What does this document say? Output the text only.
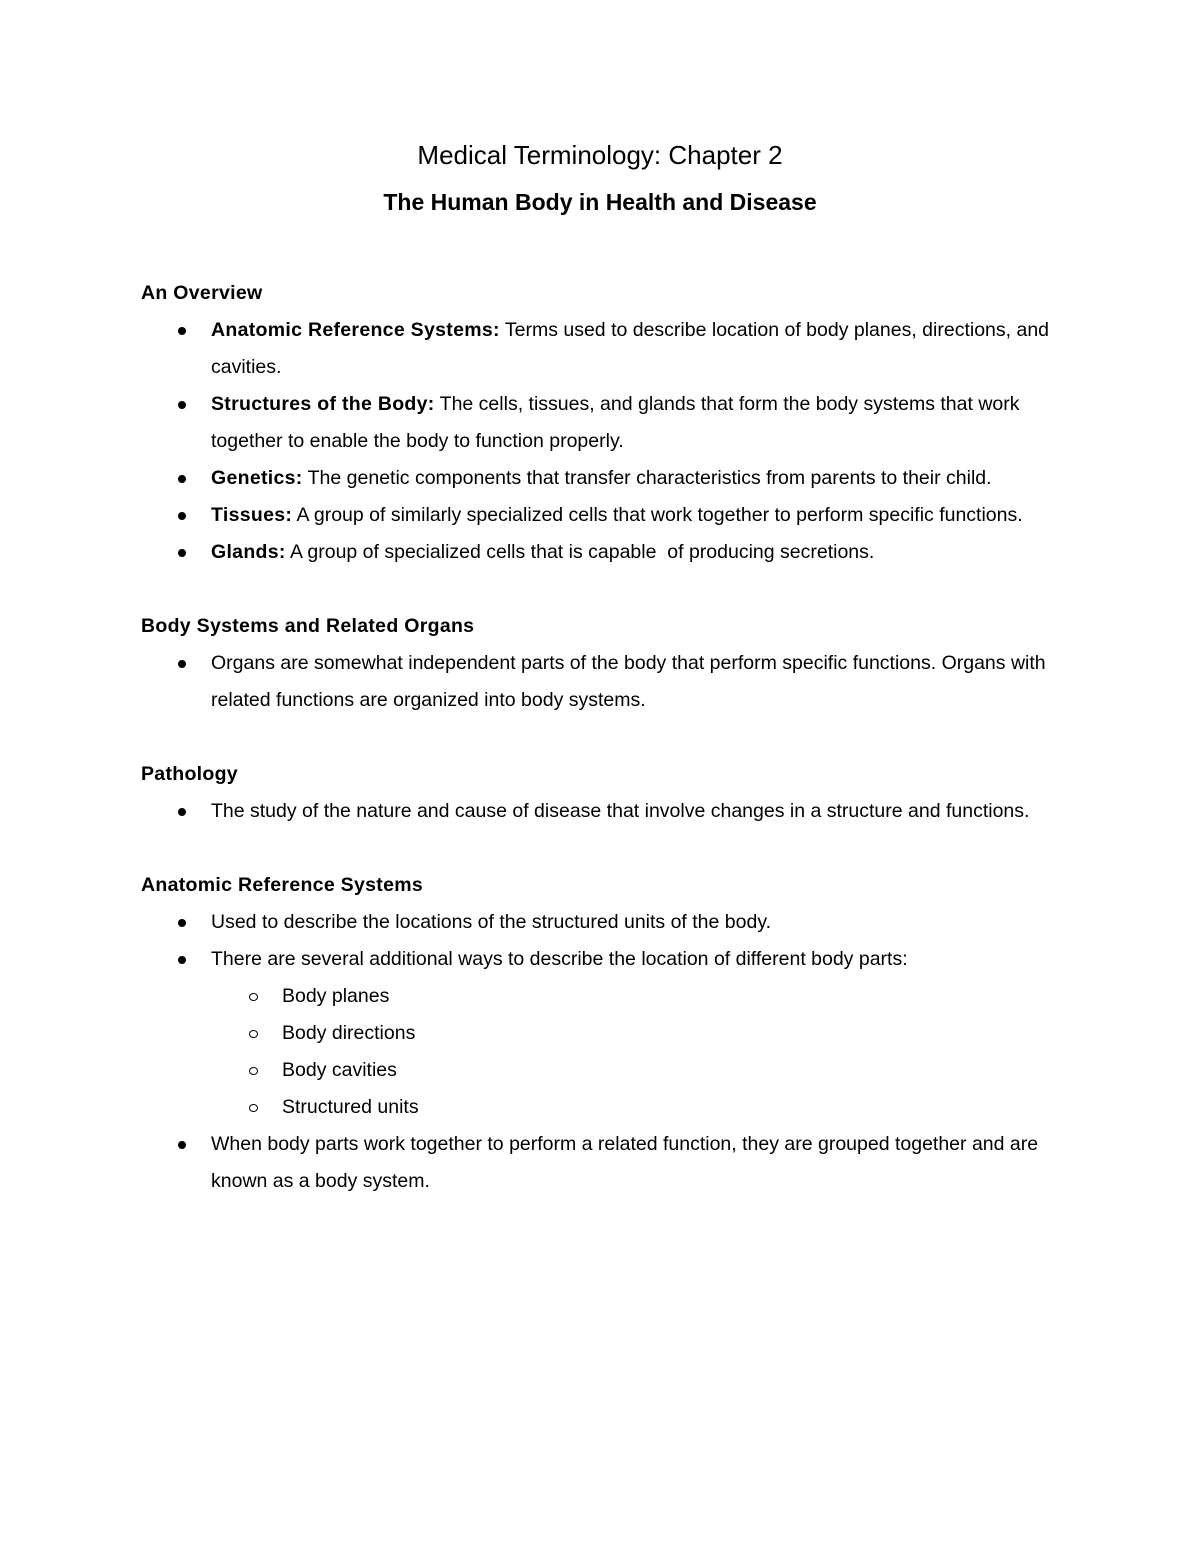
Medical Terminology: Chapter 2
The Human Body in Health and Disease
An Overview
Anatomic Reference Systems: Terms used to describe location of body planes, directions, and cavities.
Structures of the Body: The cells, tissues, and glands that form the body systems that work together to enable the body to function properly.
Genetics: The genetic components that transfer characteristics from parents to their child.
Tissues: A group of similarly specialized cells that work together to perform specific functions.
Glands: A group of specialized cells that is capable  of producing secretions.
Body Systems and Related Organs
Organs are somewhat independent parts of the body that perform specific functions. Organs with related functions are organized into body systems.
Pathology
The study of the nature and cause of disease that involve changes in a structure and functions.
Anatomic Reference Systems
Used to describe the locations of the structured units of the body.
There are several additional ways to describe the location of different body parts:
Body planes
Body directions
Body cavities
Structured units
When body parts work together to perform a related function, they are grouped together and are known as a body system.
